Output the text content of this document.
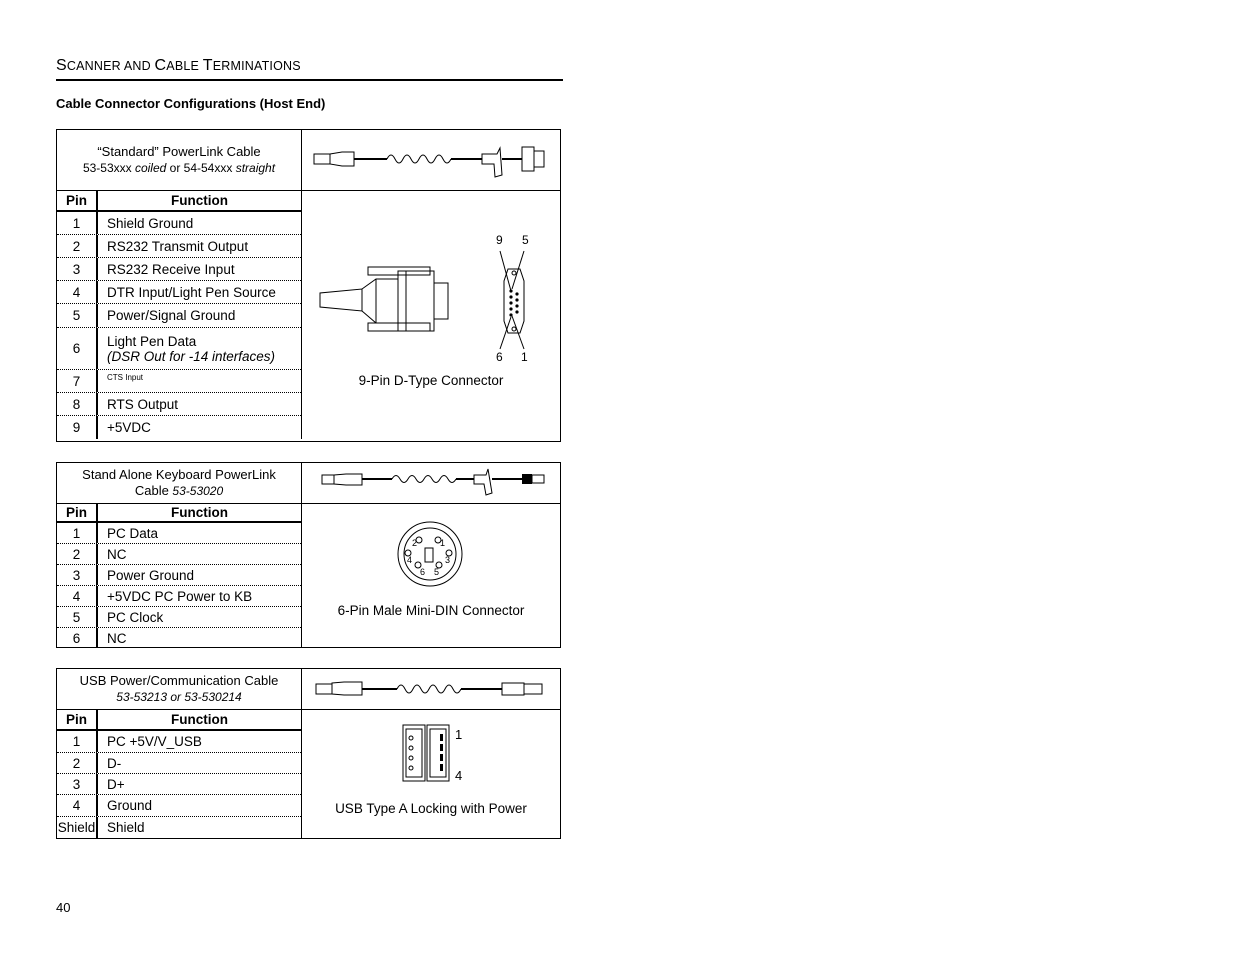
SCANNER AND CABLE TERMINATIONS
Cable Connector Configurations (Host End)
“Standard” PowerLink Cable
53-53xxx coiled or 54-54xxx straight
Pin	Function
1	Shield Ground
2	RS232 Transmit Output
3	RS232 Receive Input
4	DTR Input/Light Pen Source
5	Power/Signal Ground
6	Light Pen Data
(DSR Out for -14 interfaces)
7	CTS Input
8	RTS Output
9	+5VDC
9 5
6 1
9-Pin D-Type Connector
Stand Alone Keyboard PowerLink
Cable 53-53020
Pin	Function
1	PC Data
2	NC
3	Power Ground
4	+5VDC PC Power to KB
5	PC Clock
6	NC
2	1
4	3
6 5
6-Pin Male Mini-DIN Connector
USB Power/Communication Cable
53-53213 or 53-530214
Pin	Function
1	PC +5V/V_USB
2	D-
3	D+
4	Ground
Shield Shield
1
4
USB Type A Locking with Power
40
